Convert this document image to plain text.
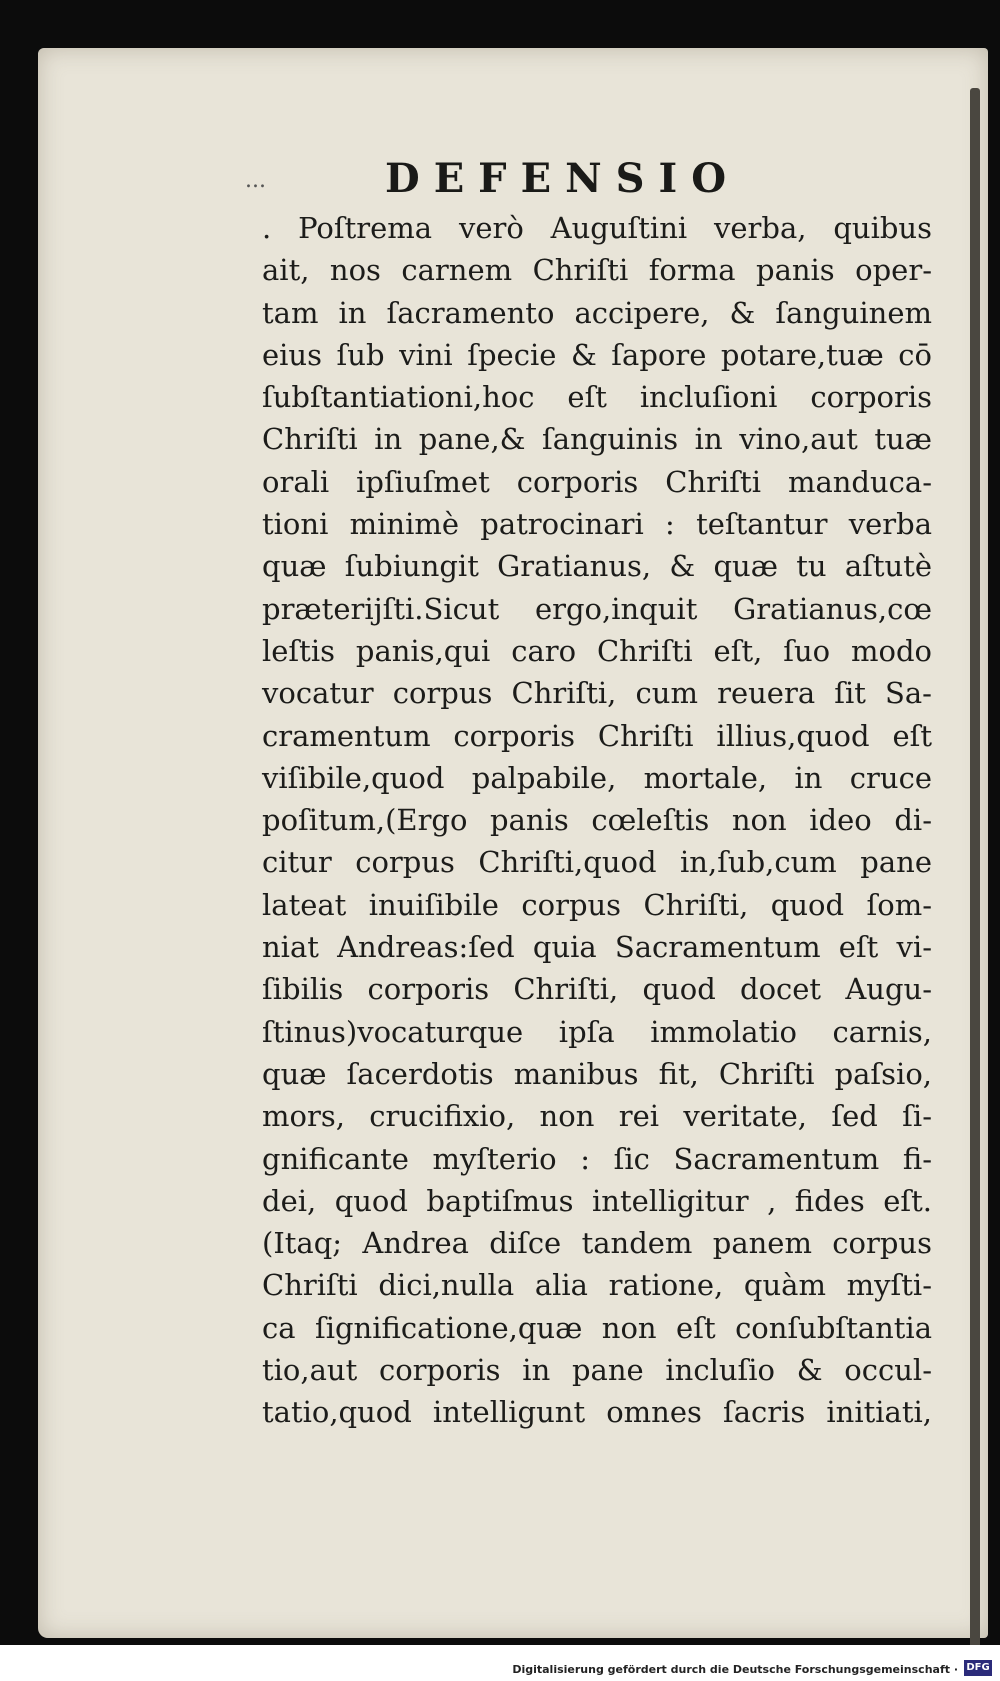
...	DEFENSIO
. Poſtrema verò Auguſtini verba, quibus
ait, nos carnem Chriſti forma panis oper-
tam in ſacramento accipere, & ſanguinem
eius ſub vini ſpecie & ſapore potare,tuæ cō
ſubſtantiationi,hoc eſt incluſioni corporis
Chriſti in pane,& ſanguinis in vino,aut tuæ
orali ipſiuſmet corporis Chriſti manduca-
tioni minimè patrocinari : teſtantur verba
quæ ſubiungit Gratianus, & quæ tu aſtutè
præterijſti.Sicut ergo,inquit Gratianus,cœ
leſtis panis,qui caro Chriſti eſt, ſuo modo
vocatur corpus Chriſti, cum reuera ſit Sa-
cramentum corporis Chriſti illius,quod eſt
viſibile,quod palpabile, mortale, in cruce
poſitum,(Ergo panis cœleſtis non ideo di-
citur corpus Chriſti,quod in,ſub,cum pane
lateat inuiſibile corpus Chriſti, quod ſom-
niat Andreas:ſed quia Sacramentum eſt vi-
ſibilis corporis Chriſti, quod docet Augu-
ſtinus)vocaturque ipſa immolatio carnis,
quæ ſacerdotis manibus fit, Chriſti paſsio,
mors, crucifixio, non rei veritate, ſed ſi-
gnificante myſterio : ſic Sacramentum fi-
dei, quod baptiſmus intelligitur , fides eſt.
(Itaq; Andrea diſce tandem panem corpus
Chriſti dici,nulla alia ratione, quàm myſti-
ca ſignificatione,quæ non eſt conſubſtantia
tio,aut corporis in pane incluſio & occul-
tatio,quod intelligunt omnes ſacris initiati,
Digitalisierung gefördert durch die Deutsche Forschungsgemeinschaft · DFG
